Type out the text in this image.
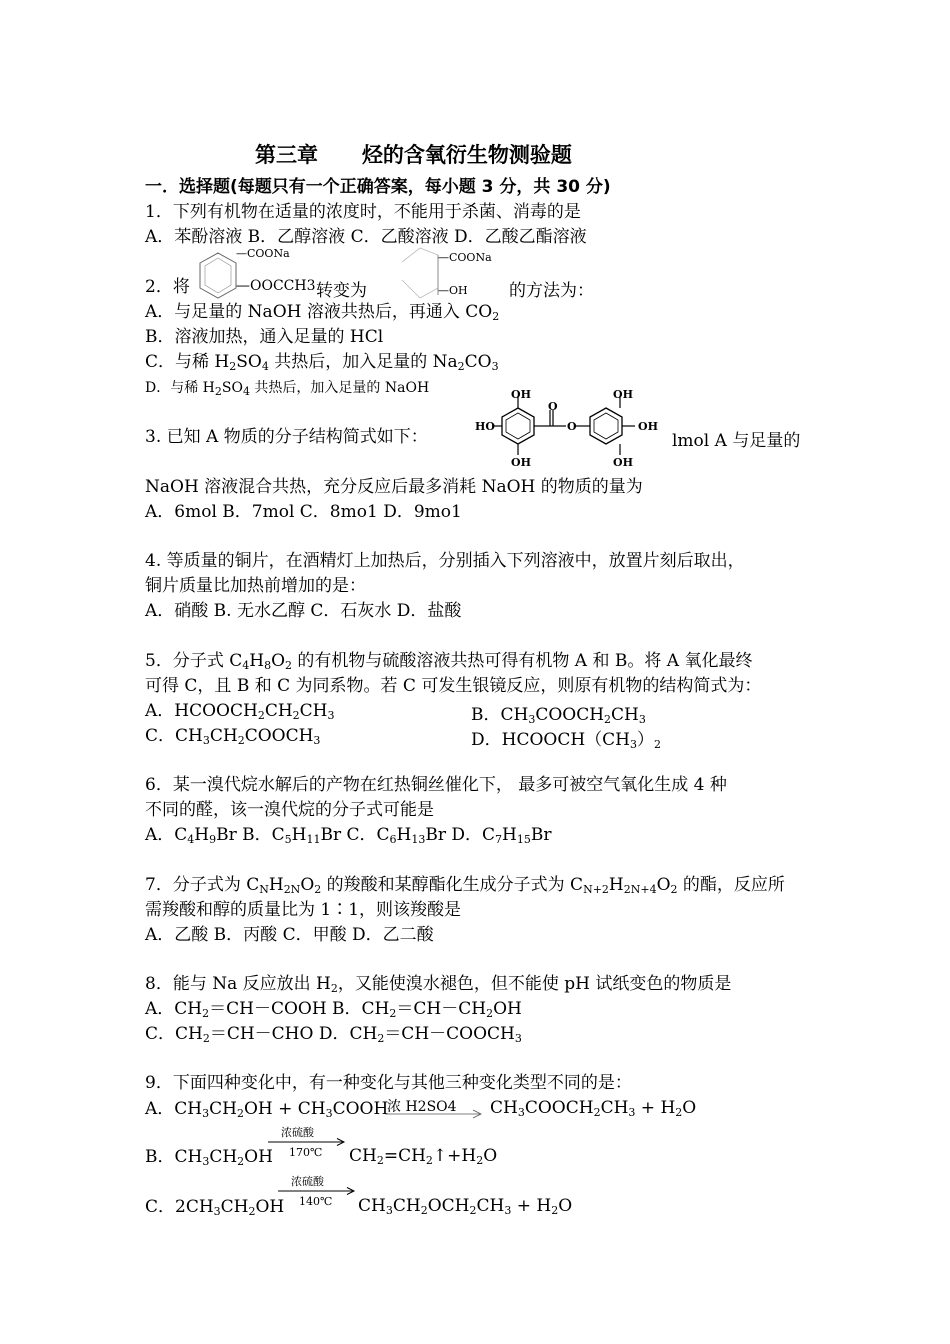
第三章      烃的含氧衍生物测验题
一．选择题(每题只有一个正确答案，每小题 3 分，共 30 分)
1．下列有机物在适量的浓度时，不能用于杀菌、消毒的是
A．苯酚溶液 B．乙醇溶液 C．乙酸溶液 D．乙酸乙酯溶液
—COONa
—OOCCH3
2．将	转变为
—COONa
—OH 的方法为：
A．与足量的 NaOH 溶液共热后，再通入 $CO_2$
B．溶液加热，通入足量的 HCl
C．与稀 $H_2SO_4$ 共热后，加入足量的 $Na_2CO_3$
D．与稀 $H_2SO_4$ 共热后，加入足量的 NaOH
3. 已知 A 物质的分子结构简式如下：
OH
OH
HO
O
O
OH
OH
OH
lmol A 与足量的
NaOH 溶液混合共热，充分反应后最多消耗 NaOH 的物质的量为
A．6mol B．7mol C．8mo1 D．9mo1
4. 等质量的铜片，在酒精灯上加热后，分别插入下列溶液中，放置片刻后取出，
铜片质量比加热前增加的是：
A．硝酸 B. 无水乙醇 C．石灰水 D．盐酸
5．分子式 $C_4H_8O_2$ 的有机物与硫酸溶液共热可得有机物 A 和 B。将 A 氧化最终
可得 C，且 B 和 C 为同系物。若 C 可发生银镜反应，则原有机物的结构简式为：
A．$HCOOCH_2CH_2CH_3$	B．$CH_3COOCH_2CH_3$
C．$CH_3CH_2COOCH_3$	D．$HCOOCH(CH_3)_2$
6．某一溴代烷水解后的产物在红热铜丝催化下， 最多可被空气氧化生成 4 种
不同的醛，该一溴代烷的分子式可能是
A．$C_4H_9Br$ B．$C_5H_{11}Br$ C．$C_6H_{13}Br$ D．$C_7H_{15}Br$
7．分子式为 $C_NH_{2N}O_2$ 的羧酸和某醇酯化生成分子式为 $C_{N+2}H_{2N+4}O_2$ 的酯，反应所
需羧酸和醇的质量比为 1∶1，则该羧酸是
A．乙酸 B．丙酸 C．甲酸 D．乙二酸
8．能与 Na 反应放出 $H_2$，又能使溴水褪色，但不能使 pH 试纸变色的物质是
A．$CH_2=CH-COOH$ B．$CH_2=CH-CH_2OH$
C．$CH_2=CH-CHO$ D．$CH_2=CH-COOCH_3$
9．下面四种变化中，有一种变化与其他三种变化类型不同的是：
A．$CH_3CH_2OH$ + $CH_3COOH$
浓 H2SO4 $CH_3COOCH_2CH_3 + H_2O$
浓硫酸
170℃
B．$CH_3CH_2OH$	$CH_2=CH_2↑+H_2O$
浓硫酸
140℃
C．$2CH_3CH_2OH$	$CH_3CH_2OCH_2CH_3 + H_2O$
